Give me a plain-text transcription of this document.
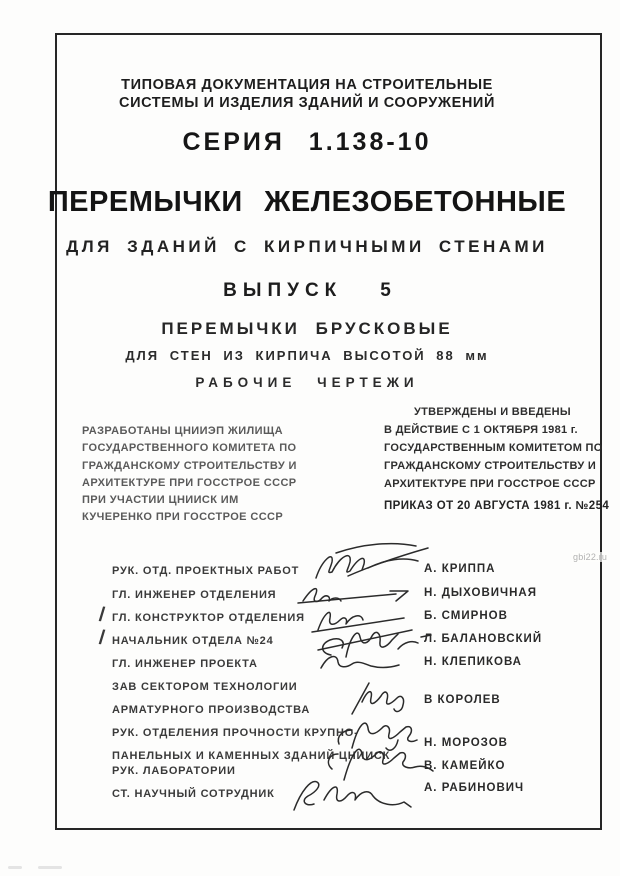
ТИПОВАЯ ДОКУМЕНТАЦИЯ НА СТРОИТЕЛЬНЫЕ
СИСТЕМЫ И ИЗДЕЛИЯ ЗДАНИЙ И СООРУЖЕНИЙ
СЕРИЯ 1.138-10
ПЕРЕМЫЧКИ ЖЕЛЕЗОБЕТОННЫЕ
ДЛЯ ЗДАНИЙ С КИРПИЧНЫМИ СТЕНАМИ
ВЫПУСК 5
ПЕРЕМЫЧКИ БРУСКОВЫЕ
ДЛЯ СТЕН ИЗ КИРПИЧА ВЫСОТОЙ 88 мм
РАБОЧИЕ ЧЕРТЕЖИ
РАЗРАБОТАНЫ ЦНИИЭП ЖИЛИЩА
ГОСУДАРСТВЕННОГО КОМИТЕТА ПО
ГРАЖДАНСКОМУ СТРОИТЕЛЬСТВУ И
АРХИТЕКТУРЕ ПРИ ГОССТРОЕ СССР
ПРИ УЧАСТИИ ЦНИИСК ИМ
КУЧЕРЕНКО ПРИ ГОССТРОЕ СССР
УТВЕРЖДЕНЫ И ВВЕДЕНЫ
В ДЕЙСТВИЕ С 1 ОКТЯБРЯ 1981 г.
ГОСУДАРСТВЕННЫМ КОМИТЕТОМ ПО
ГРАЖДАНСКОМУ СТРОИТЕЛЬСТВУ И
АРХИТЕКТУРЕ ПРИ ГОССТРОЕ СССР
ПРИКАЗ ОТ 20 АВГУСТА 1981 г. №254
РУК. ОТД. ПРОЕКТНЫХ РАБОТ
ГЛ. ИНЖЕНЕР ОТДЕЛЕНИЯ
/ ГЛ. КОНСТРУКТОР ОТДЕЛЕНИЯ
/ НАЧАЛЬНИК ОТДЕЛА №24
ГЛ. ИНЖЕНЕР ПРОЕКТА
ЗАВ СЕКТОРОМ ТЕХНОЛОГИИ
АРМАТУРНОГО ПРОИЗВОДСТВА
РУК. ОТДЕЛЕНИЯ ПРОЧНОСТИ КРУПНО-
ПАНЕЛЬНЫХ И КАМЕННЫХ ЗДАНИЙ ЦНИИСК
РУК. ЛАБОРАТОРИИ
СТ. НАУЧНЫЙ СОТРУДНИК
А. КРИППА
Н. ДЫХОВИЧНАЯ
Б. СМИРНОВ
Л. БАЛАНОВСКИЙ
Н. КЛЕПИКОВА
В КОРОЛЕВ
Н. МОРОЗОВ
В. КАМЕЙКО
А. РАБИНОВИЧ
gbi22.ru
